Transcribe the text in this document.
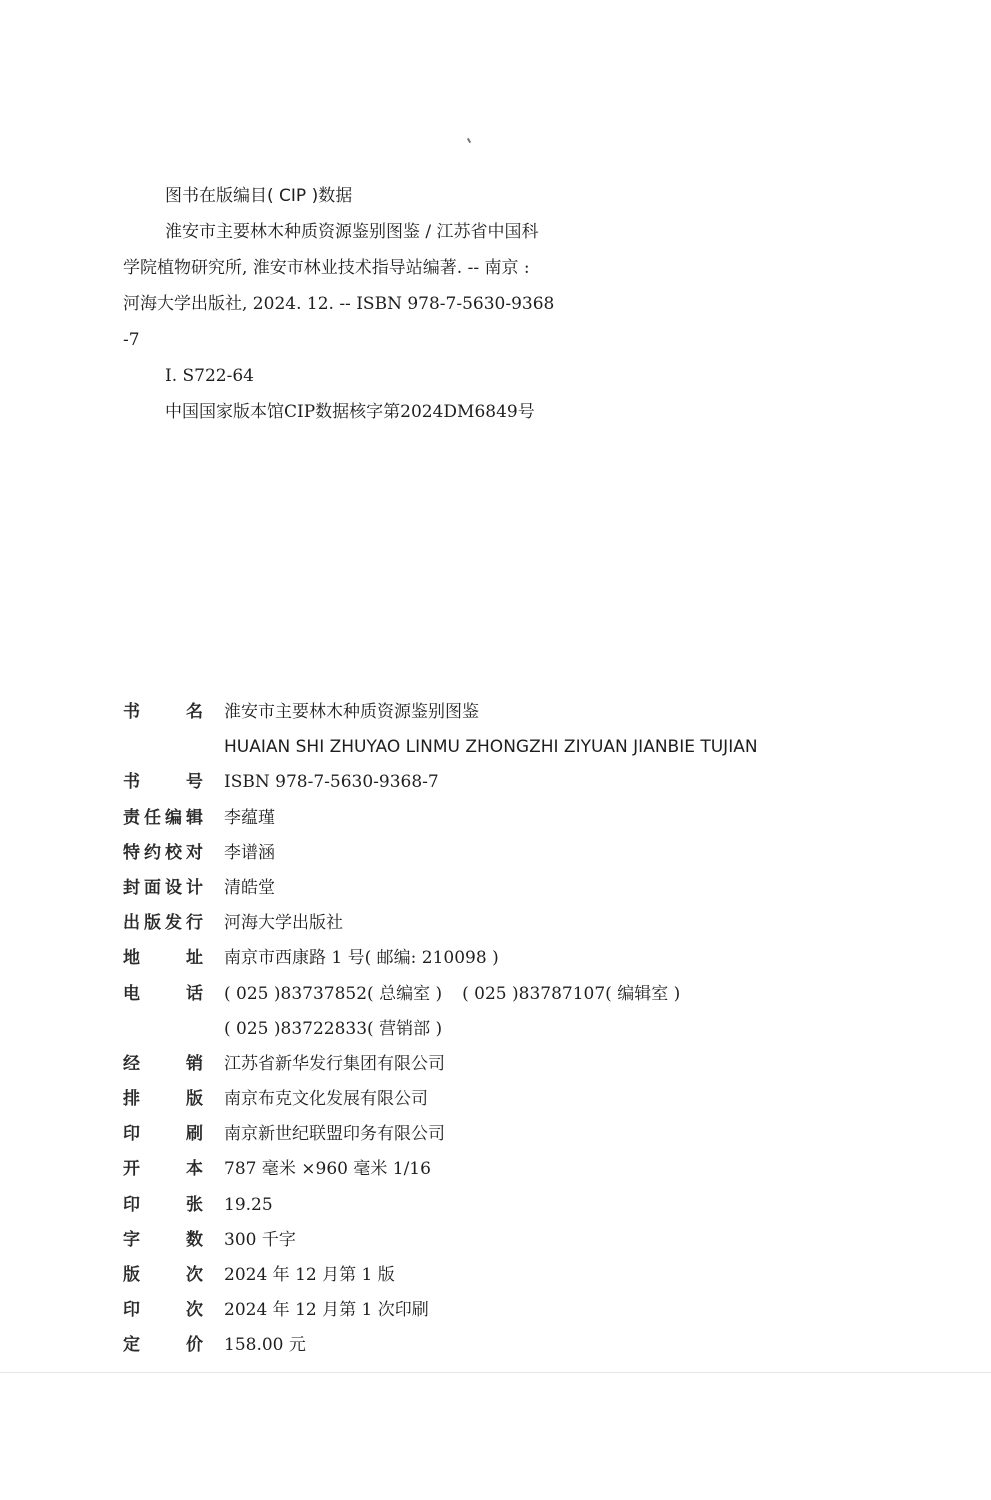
图书在版编目( CIP )数据
淮安市主要林木种质资源鉴别图鉴 / 江苏省中国科
学院植物研究所, 淮安市林业技术指导站编著. -- 南京 :
河海大学出版社, 2024. 12. -- ISBN 978-7-5630-9368
-7
Ⅰ. S722-64
中国国家版本馆CIP数据核字第2024DM6849号
书	名 淮安市主要林木种质资源鉴别图鉴
HUAIAN SHI ZHUYAO LINMU ZHONGZHI ZIYUAN JIANBIE TUJIAN
书	号 ISBN 978-7-5630-9368-7
责 任 编 辑 李蕴瑾
特 约 校 对 李谱涵
封 面 设 计 清皓堂
出 版 发 行 河海大学出版社
地	址 南京市西康路 1 号( 邮编: 210098 )
电	话 ( 025 )83737852( 总编室 ) ( 025 )83787107( 编辑室 )
( 025 )83722833( 营销部 )
经	销 江苏省新华发行集团有限公司
排	版 南京布克文化发展有限公司
印	刷 南京新世纪联盟印务有限公司
开	本 787 毫米 ×960 毫米 1/16
印	张 19.25
字	数 300 千字
版	次 2024 年 12 月第 1 版
印	次 2024 年 12 月第 1 次印刷
定	价 158.00 元
